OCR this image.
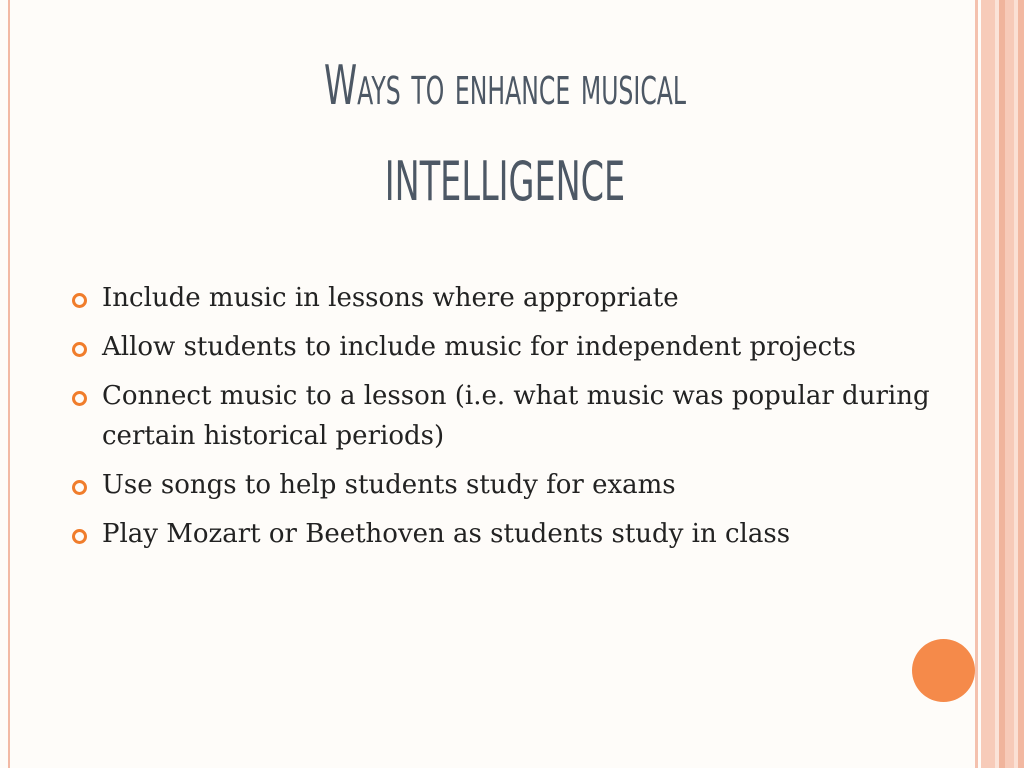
Ways to enhance musical
INTELLIGENCE
Include music in lessons where appropriate
Allow students to include music for independent projects
Connect music to a lesson (i.e. what music was popular during certain historical periods)
Use songs to help students study for exams
Play Mozart or Beethoven as students study in class
